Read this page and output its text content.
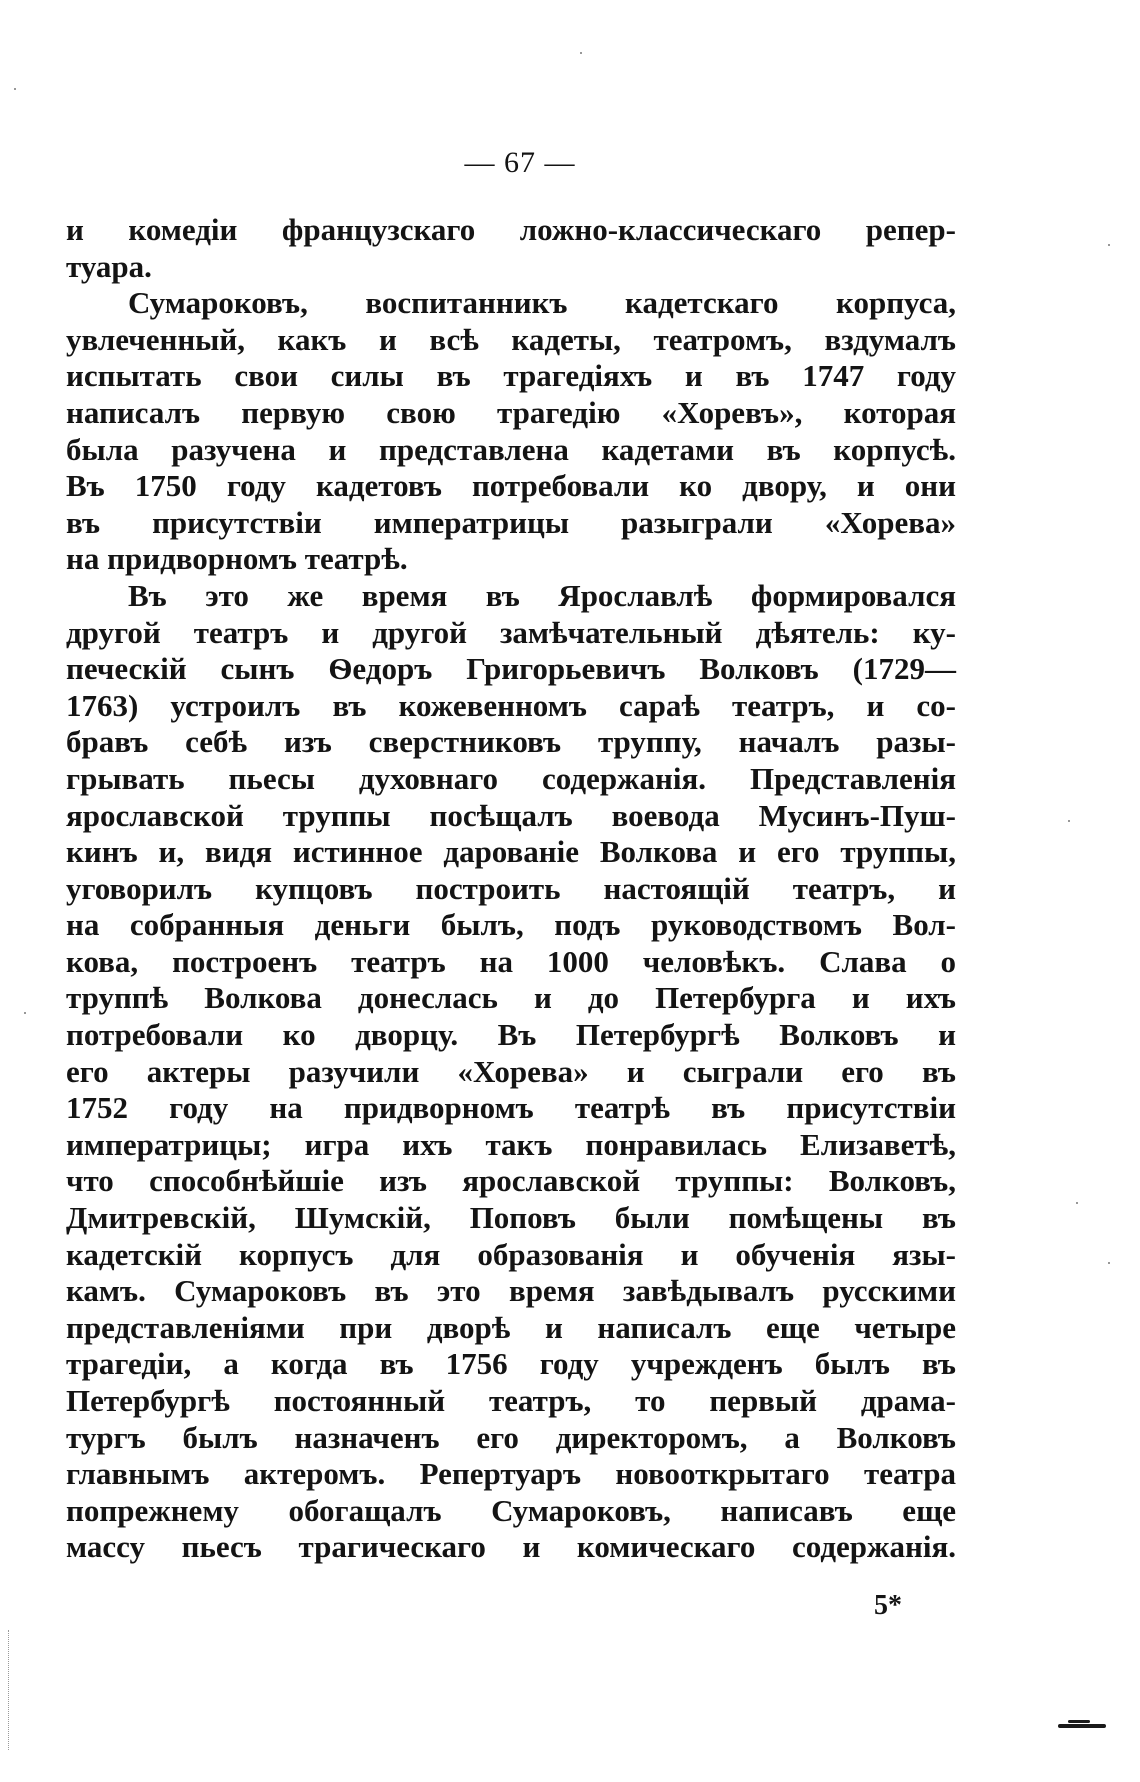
— 67 —
и комедiи французскаго ложно-классическаго репер-
туара.
Сумароковъ, воспитанникъ кадетскаго корпуса,
увлеченный, какъ и всѣ кадеты, театромъ, вздумалъ
испытать свои силы въ трагедiяхъ и въ 1747 году
написалъ первую свою трагедiю «Хоревъ», которая
была разучена и представлена кадетами въ корпусѣ.
Въ 1750 году кадетовъ потребовали ко двору, и они
въ присутствiи императрицы разыграли «Хорева»
на придворномъ театрѣ.
Въ это же время въ Ярославлѣ формировался
другой театръ и другой замѣчательный дѣятель: ку-
печескiй сынъ Ѳедоръ Григорьевичъ Волковъ (1729—
1763) устроилъ въ кожевенномъ сараѣ театръ, и со-
бравъ себѣ изъ сверстниковъ труппу, началъ разы-
грывать пьесы духовнаго содержанiя. Представленiя
ярославской труппы посѣщалъ воевода Мусинъ-Пуш-
кинъ и, видя истинное дарованiе Волкова и его труппы,
уговорилъ купцовъ построить настоящiй театръ, и
на собранныя деньги былъ, подъ руководствомъ Вол-
кова, построенъ театръ на 1000 человѣкъ. Слава о
труппѣ Волкова донеслась и до Петербурга и ихъ
потребовали ко дворцу. Въ Петербургѣ Волковъ и
его актеры разучили «Хорева» и сыграли его въ
1752 году на придворномъ театрѣ въ присутствiи
императрицы; игра ихъ такъ понравилась Елизаветѣ,
что способнѣйшiе изъ ярославской труппы: Волковъ,
Дмитревскiй, Шумскiй, Поповъ были помѣщены въ
кадетскiй корпусъ для образованiя и обученiя язы-
камъ. Сумароковъ въ это время завѣдывалъ русскими
представленiями при дворѣ и написалъ еще четыре
трагедiи, а когда въ 1756 году учрежденъ былъ въ
Петербургѣ постоянный театръ, то первый драма-
тургъ былъ назначенъ его директоромъ, а Волковъ
главнымъ актеромъ. Репертуаръ новооткрытаго театра
попрежнему обогащалъ Сумароковъ, написавъ еще
массу пьесъ трагическаго и комическаго содержанiя.
5*
